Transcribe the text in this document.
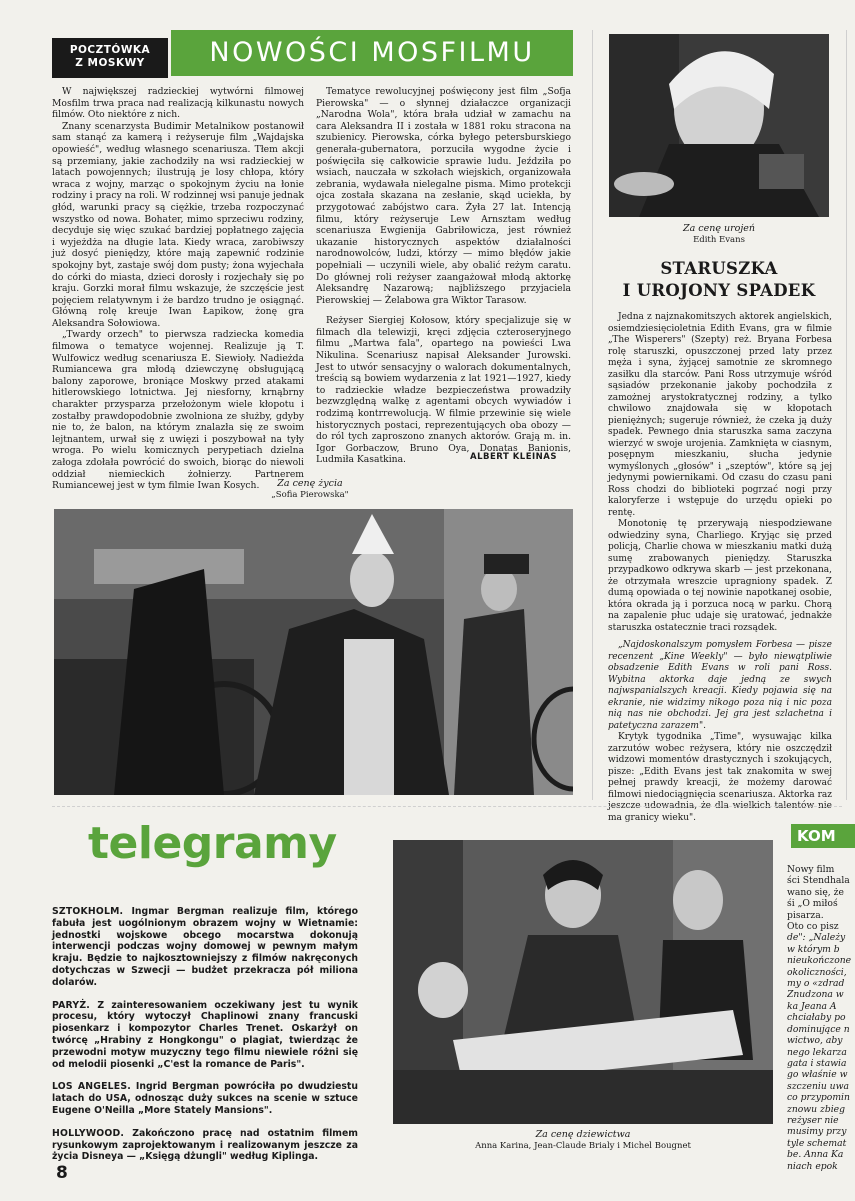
POCZTÓWKA
Z MOSKWY	NOWOŚCI MOSFILMU

W największej radzieckiej wytwórni filmowej Mosfilm trwa praca nad realizacją kilkunastu nowych filmów. Oto niektóre z nich.

Znany scenarzysta Budimir Metalnikow postanowił sam stanąć za kamerą i reżyseruje film „Wajdajska opowieść", według własnego scenariusza. Tłem akcji są przemiany, jakie zachodziły na wsi radzieckiej w latach powojennych; ilustrują je losy chłopa, który wraca z wojny, marząc o spokojnym życiu na łonie rodziny i pracy na roli. W rodzinnej wsi panuje jednak głód, warunki pracy są ciężkie, trzeba rozpoczynać wszystko od nowa. Bohater, mimo sprzeciwu rodziny, decyduje się więc szukać bardziej popłatnego zajęcia i wyjeżdża na długie lata. Kiedy wraca, zarobiwszy już dosyć pieniędzy, które mają zapewnić rodzinie spokojny byt, zastaje swój dom pusty; żona wyjechała do córki do miasta, dzieci dorosły i rozjechały się po kraju. Gorzki morał filmu wskazuje, że szczęście jest pojęciem relatywnym i że bardzo trudno je osiągnąć. Główną rolę kreuje Iwan Łapikow, żonę gra Aleksandra Sołowiowa.

„Twardy orzech" to pierwsza radziecka komedia filmowa o tematyce wojennej. Realizuje ją T. Wulfowicz według scenariusza E. Siewioły. Nadieżda Rumiancewa gra młodą dziewczynę obsługującą balony zaporowe, broniące Moskwy przed atakami hitlerowskiego lotnictwa. Jej niesforny, krnąbrny charakter przysparza przełożonym wiele kłopotu i zostałby prawdopodobnie zwolniona ze służby, gdyby nie to, że balon, na którym znalazła się ze swoim lejtnantem, urwał się z uwięzi i poszybował na tyły wroga. Po wielu komicznych perypetiach dzielna załoga zdołała powrócić do swoich, biorąc do niewoli oddział niemieckich żołnierzy. Partnerem Rumiancewej jest w tym filmie Iwan Kosych.

Tematyce rewolucyjnej poświęcony jest film „Sofja Pierowska" — o słynnej działaczce organizacji „Narodna Wola", która brała udział w zamachu na cara Aleksandra II i została w 1881 roku stracona na szubienicy. Pierowska, córka byłego petersburskiego generała-gubernatora, porzuciła wygodne życie i poświęciła się całkowicie sprawie ludu. Jeździła po wsiach, nauczała w szkołach wiejskich, organizowała zebrania, wydawała nielegalne pisma. Mimo protekcji ojca została skazana na zesłanie, skąd uciekła, by przygotować zabójstwo cara. Żyła 27 lat. Intencją filmu, który reżyseruje Lew Arnsztam według scenariusza Ewgienija Gabriłowicza, jest również ukazanie historycznych aspektów działalności narodnowolców, ludzi, którzy — mimo błędów jakie popełniali — uczynili wiele, aby obalić reżym caratu. Do głównej roli reżyser zaangażował młodą aktorkę Aleksandrę Nazarową; najbliższego przyjaciela Pierowskiej — Żelabowa gra Wiktor Tarasow.

Reżyser Siergiej Kołosow, który specjalizuje się w filmach dla telewizji, kręci zdjęcia czteroseryjnego filmu „Martwa fala", opartego na powieści Lwa Nikulina. Scenariusz napisał Aleksander Jurowski. Jest to utwór sensacyjny o walorach dokumentalnych, treścią są bowiem wydarzenia z lat 1921—1927, kiedy to radzieckie władze bezpieczeństwa prowadziły bezwzględną walkę z agentami obcych wywiadów i rodzimą kontrrewolucją. W filmie przewinie się wiele historycznych postaci, reprezentujących oba obozy — do ról tych zaproszono znanych aktorów. Grają m. in. Igor Gorbaczow, Bruno Oya, Donatas Banionis, Ludmiła Kasatkina.	ALBERT KLEINAS
Za cenę życia
„Sofia Pierowska"
Za cenę urojeń
Edith Evans
STARUSZKA
I UROJONY SPADEK

Jedna z najznakomitszych aktorek angielskich, osiemdziesięcioletnia Edith Evans, gra w filmie „The Wisperers" (Szepty) reż. Bryana Forbesa rolę staruszki, opuszczonej przed laty przez męża i syna, żyjącej samotnie ze skromnego zasiłku dla starców. Pani Ross utrzymuje wśród sąsiadów przekonanie jakoby pochodziła z zamożnej arystokratycznej rodziny, a tylko chwilowo znajdowała się w kłopotach pieniężnych; sugeruje również, że czeka ją duży spadek. Pewnego dnia staruszka sama zaczyna wierzyć w swoje urojenia. Zamknięta w ciasnym, posępnym mieszkaniu, słucha jedynie wymyślonych „głosów" i „szeptów", które są jej jedynymi powiernikami. Od czasu do czasu pani Ross chodzi do biblioteki pogrzać nogi przy kaloryferze i wstępuje do urzędu opieki po rentę.

Monotonię tę przerywają niespodziewane odwiedziny syna, Charliego. Kryjąc się przed policją, Charlie chowa w mieszkaniu matki dużą sumę zrabowanych pieniędzy. Staruszka przypadkowo odkrywa skarb — jest przekonana, że otrzymała wreszcie upragniony spadek. Z dumą opowiada o tej nowinie napotkanej osobie, która okrada ją i porzuca nocą w parku. Chorą na zapalenie płuc udaje się uratować, jednakże staruszka ostatecznie traci rozsądek.

„Najdoskonalszym pomysłem Forbesa — pisze recenzent „Kine Weekly" — było niewątpliwie obsadzenie Edith Evans w roli pani Ross. Wybitna aktorka daje jedną ze swych najwspanialszych kreacji. Kiedy pojawia się na ekranie, nie widzimy nikogo poza nią i nic poza nią nas nie obchodzi. Jej gra jest szlachetna i patetyczna zarazem".

Krytyk tygodnika „Time", wysuwając kilka zarzutów wobec reżysera, który nie oszczędził widzowi momentów drastycznych i szokujących, pisze: „Edith Evans jest tak znakomita w swej pełnej prawdy kreacji, że możemy darować filmowi niedociągnięcia scenariusza. Aktorka raz jeszcze udowadnia, że dla wielkich talentów nie ma granicy wieku".

telegramy

SZTOKHOLM. Ingmar Bergman realizuje film, którego fabuła jest uogólnionym obrazem wojny w Wietnamie: jednostki wojskowe obcego mocarstwa dokonują interwencji podczas wojny domowej w pewnym małym kraju. Będzie to najkosztowniejszy z filmów nakręconych dotychczas w Szwecji — budżet przekracza pół miliona dolarów.

PARYŻ. Z zainteresowaniem oczekiwany jest tu wynik procesu, który wytoczył Chaplinowi znany francuski piosenkarz i kompozytor Charles Trenet. Oskarżył on twórcę „Hrabiny z Hongkongu" o plagiat, twierdząc że przewodni motyw muzyczny tego filmu niewiele różni się od melodii piosenki „C'est la romance de Paris".

LOS ANGELES. Ingrid Bergman powróciła po dwudziestu latach do USA, odnosząc duży sukces na scenie w sztuce Eugene O'Neilla „More Stately Mansions".

HOLLYWOOD. Zakończono pracę nad ostatnim filmem rysunkowym zaprojektowanym i realizowanym jeszcze za życia Disneya — „Księgą dżungli" według Kiplinga.

Za cenę dziewictwa
Anna Karina, Jean-Claude Brialy i Michel Bougnet
KOM

Nowy film

ści Stendhala

wano się, że

śi „O miłoś

pisarza.

Oto co pisz

de": „Należy

w którym b

nieukończone

okoliczności,

my o «zdrad

Znudzona w

ka Jeana A

chciałaby po

dominujące n

wictwo, aby

nego lekarza

gata i stawia

go właśnie w

szczeniu uwa

co przypomin

znowu zbieg

reżyser nie

musimy przy

tyle schemat

be. Anna Ka

niach epok

8
